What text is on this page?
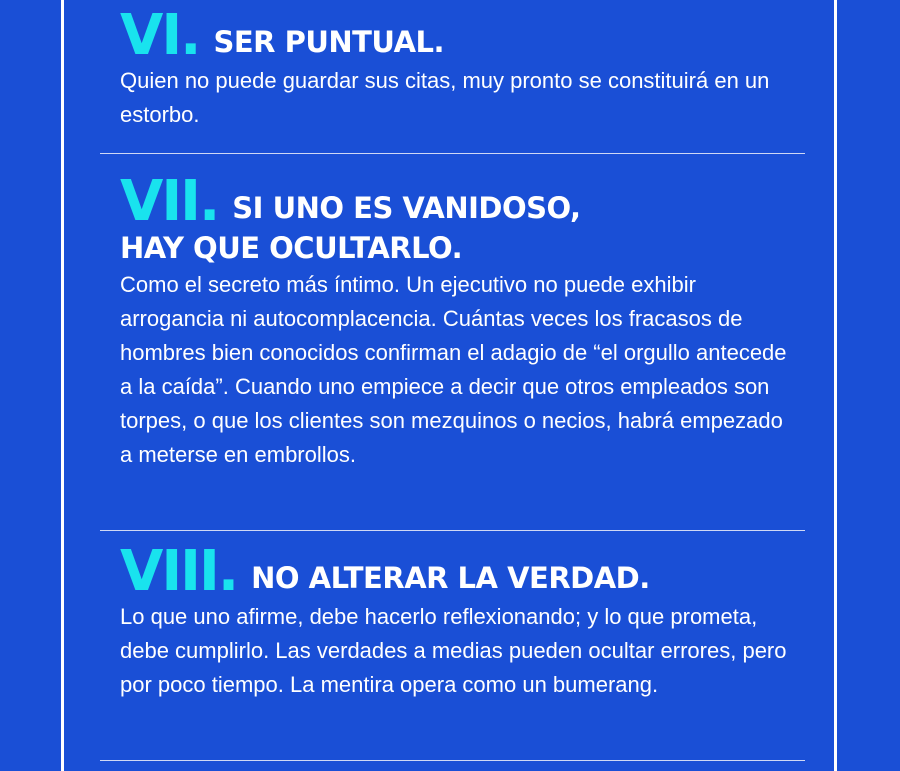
VI. SER PUNTUAL.

Quien no puede guardar sus citas, muy pronto se constituirá en un estorbo.

VII. SI UNO ES VANIDOSO,

HAY QUE OCULTARLO.

Como el secreto más íntimo. Un ejecutivo no puede exhibir arrogancia ni autocomplacencia. Cuántas veces los fracasos de hombres bien conocidos confirman el adagio de “el orgullo antecede a la caída”. Cuando uno empiece a decir que otros empleados son torpes, o que los clientes son mezquinos o necios, habrá empezado a meterse en embrollos.

VIII. NO ALTERAR LA VERDAD.

Lo que uno afirme, debe hacerlo reflexionando; y lo que prometa, debe cumplirlo. Las verdades a medias pueden ocultar errores, pero por poco tiempo. La mentira opera como un bumerang.
